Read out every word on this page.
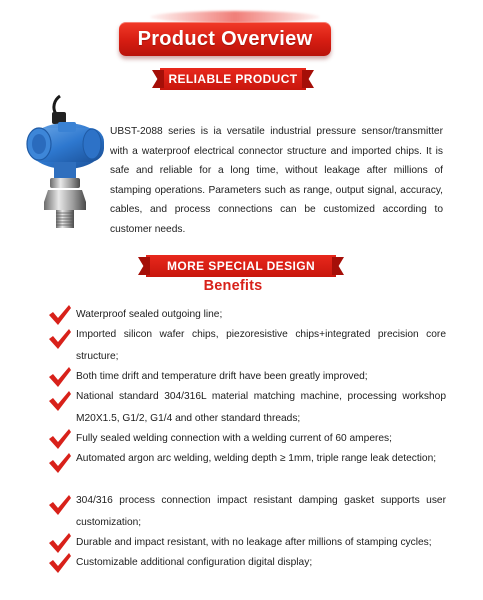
Product Overview
RELIABLE PRODUCT
UBST-2088 series is ia versatile industrial pressure sensor/transmitter with a waterproof electrical connector structure and imported chips. It is safe and reliable for a long time, without leakage after millions of stamping operations. Parameters such as range, output signal, accuracy, cables, and process connections can be customized according to customer needs.
MORE SPECIAL DESIGN
Benefits
Waterproof sealed outgoing line;
Imported silicon wafer chips, piezoresistive chips+integrated precision core structure;
Both time drift and temperature drift have been greatly improved;
National standard 304/316L material matching machine, processing workshop M20X1.5, G1/2, G1/4 and other standard threads;
Fully sealed welding connection with a welding current of 60 amperes;
Automated argon arc welding, welding depth ≥ 1mm, triple range leak detection;
304/316 process connection impact resistant damping gasket supports user customization;
Durable and impact resistant, with no leakage after millions of stamping cycles;
Customizable additional configuration digital display;
